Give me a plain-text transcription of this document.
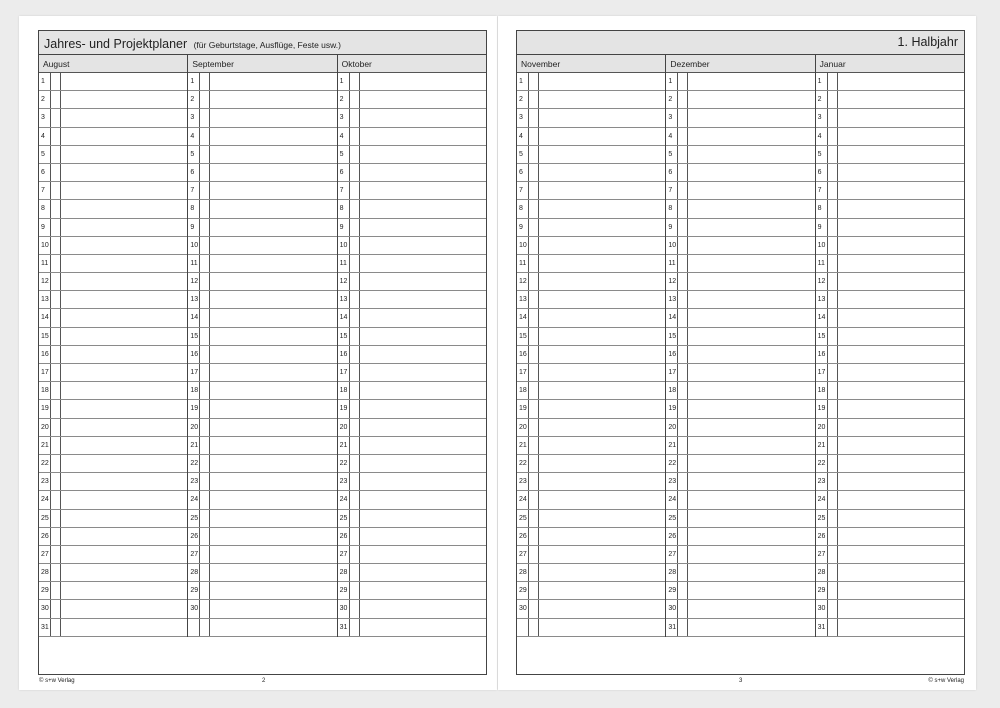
Jahres- und Projektplaner (für Geburtstage, Ausflüge, Feste usw.)
August
1
2
3
4
5
6
7
8
9
10
11
12
13
14
15
16
17
18
19
20
21
22
23
24
25
26
27
28
29
30
31
September
1
2
3
4
5
6
7
8
9
10
11
12
13
14
15
16
17
18
19
20
21
22
23
24
25
26
27
28
29
30
Oktober
1
2
3
4
5
6
7
8
9
10
11
12
13
14
15
16
17
18
19
20
21
22
23
24
25
26
27
28
29
30
31
© s+w Verlag	2
1. Halbjahr
November
1
2
3
4
5
6
7
8
9
10
11
12
13
14
15
16
17
18
19
20
21
22
23
24
25
26
27
28
29
30
Dezember
1
2
3
4
5
6
7
8
9
10
11
12
13
14
15
16
17
18
19
20
21
22
23
24
25
26
27
28
29
30
31
Januar
1
2
3
4
5
6
7
8
9
10
11
12
13
14
15
16
17
18
19
20
21
22
23
24
25
26
27
28
29
30
31
3	© s+w Verlag
